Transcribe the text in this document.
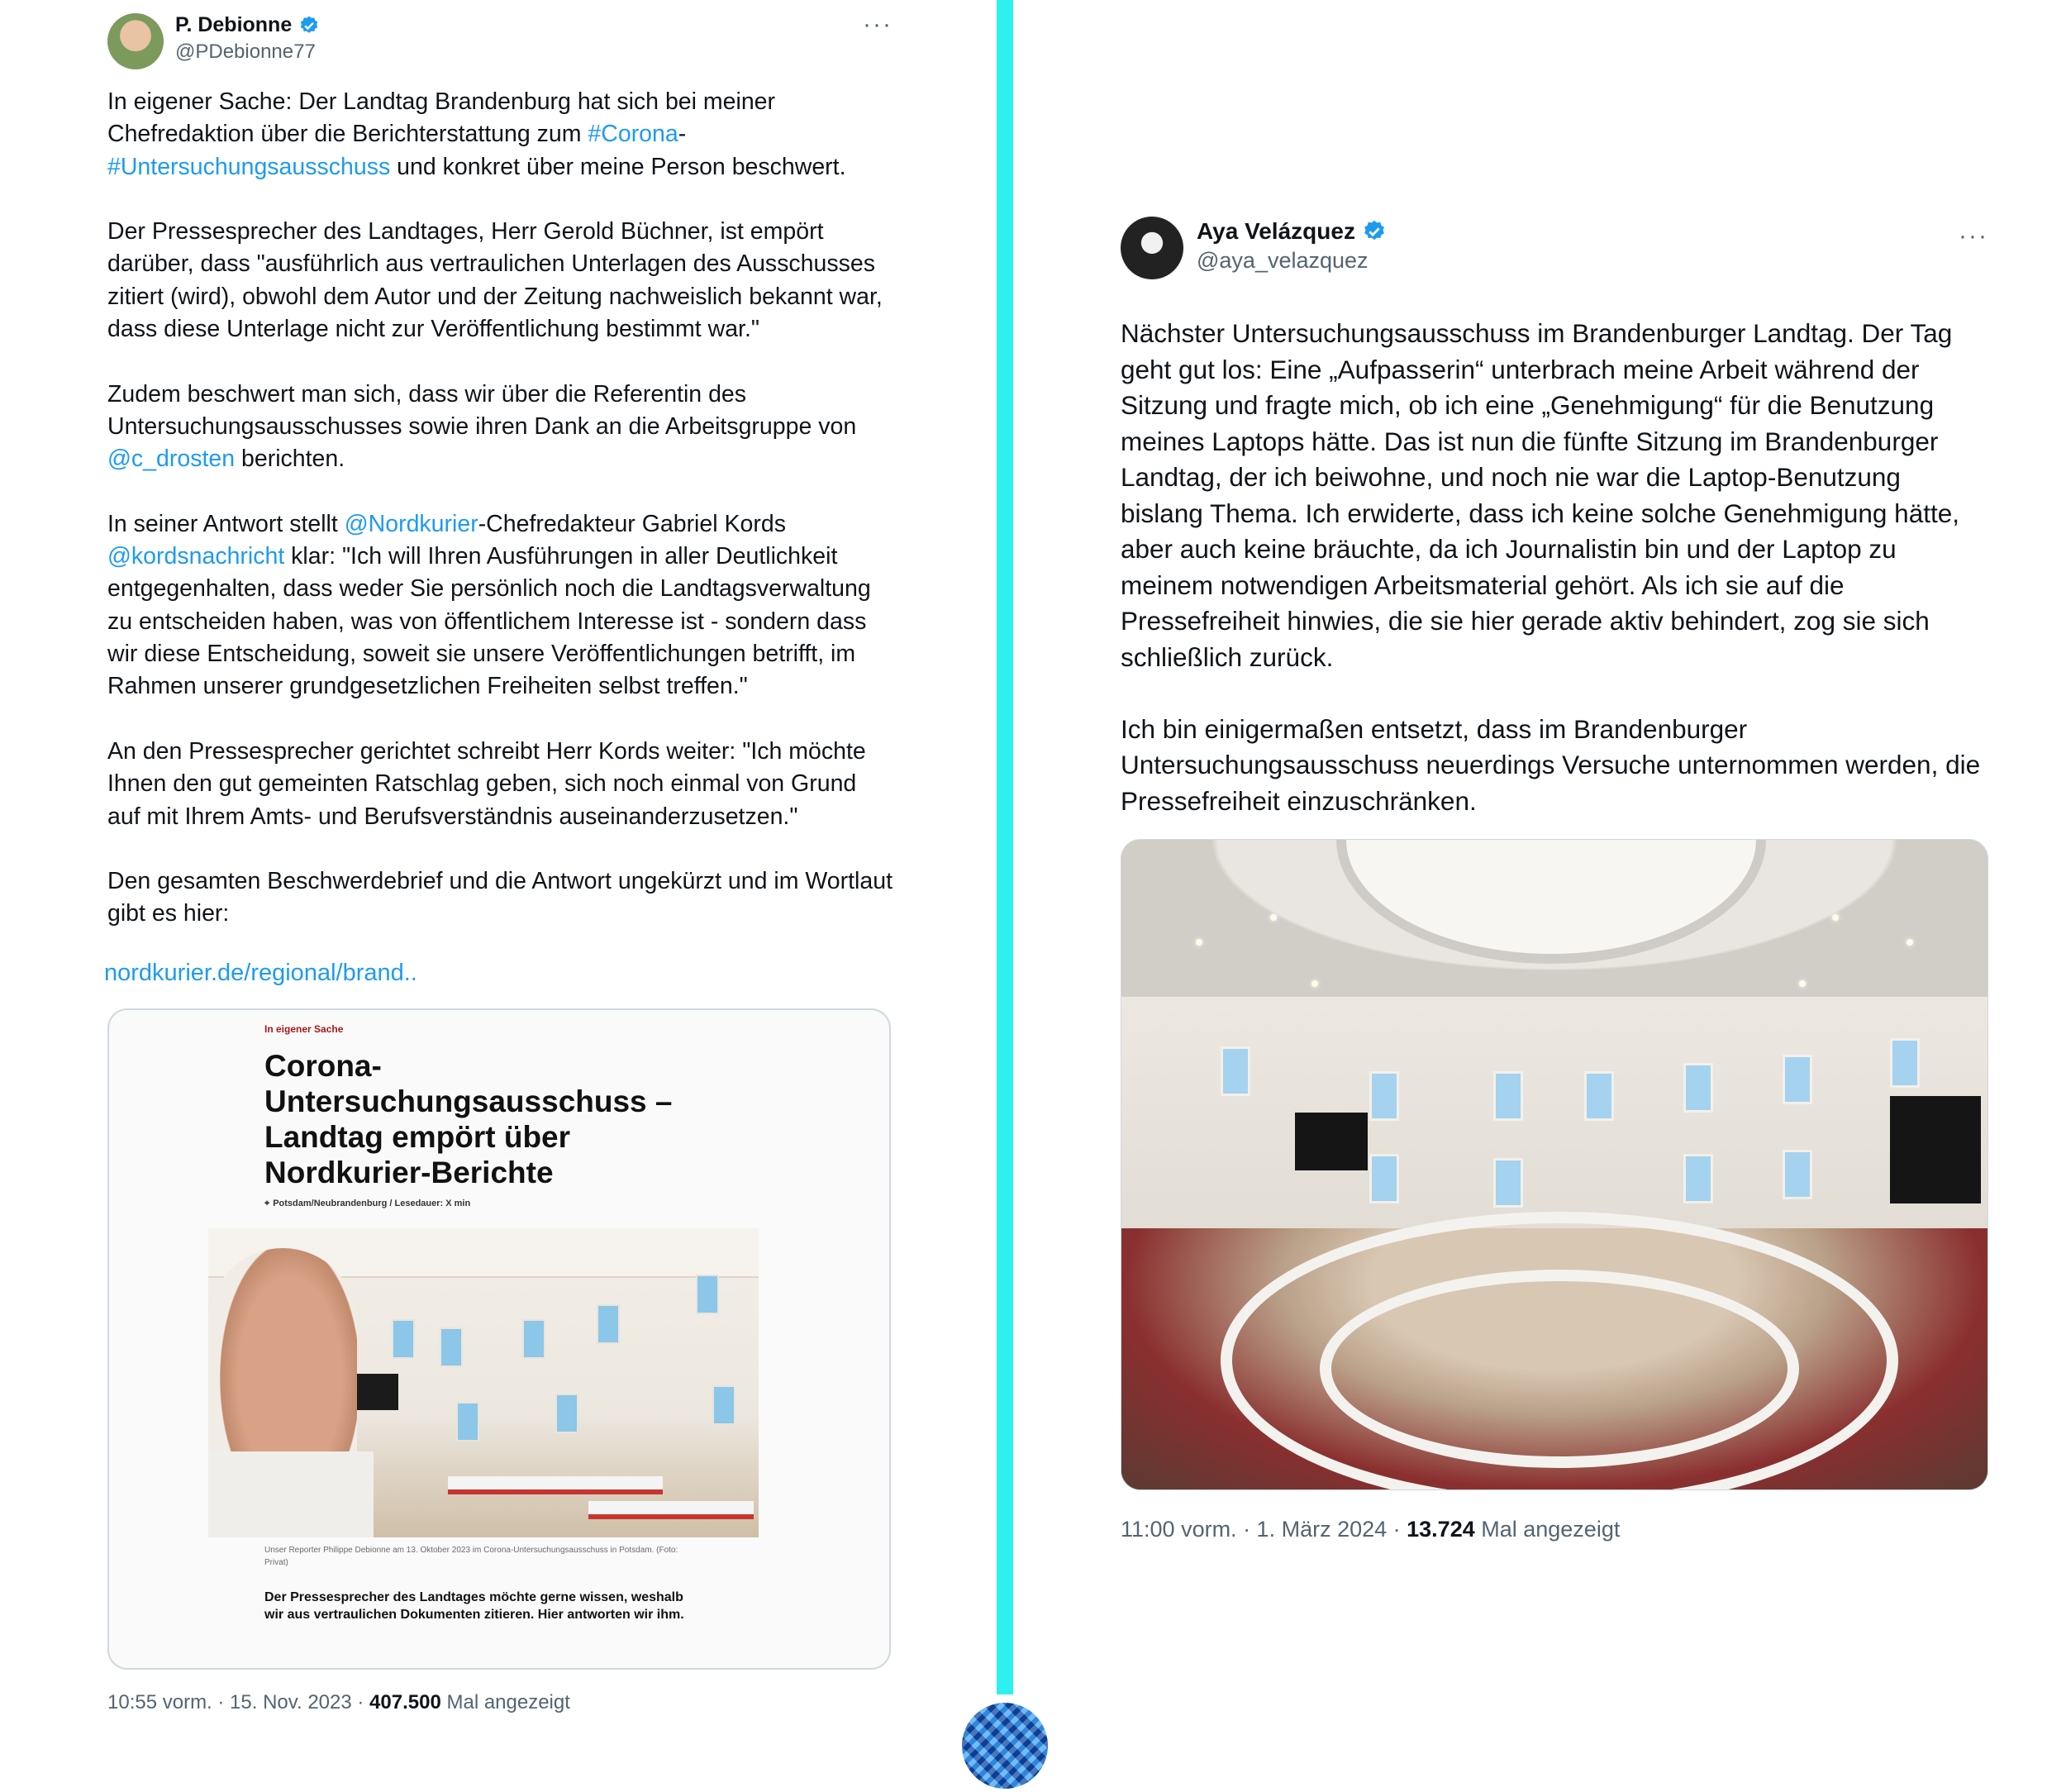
P. Debionne
@PDebionne77
···

In eigener Sache: Der Landtag Brandenburg hat sich bei meiner Chefredaktion über die Berichterstattung zum #Corona-#Untersuchungsausschuss und konkret über meine Person beschwert.

Der Pressesprecher des Landtages, Herr Gerold Büchner, ist empört darüber, dass "ausführlich aus vertraulichen Unterlagen des Ausschusses zitiert (wird), obwohl dem Autor und der Zeitung nachweislich bekannt war, dass diese Unterlage nicht zur Veröffentlichung bestimmt war."

Zudem beschwert man sich, dass wir über die Referentin des Untersuchungsausschusses sowie ihren Dank an die Arbeitsgruppe von @c_drosten berichten.

In seiner Antwort stellt @Nordkurier-Chefredakteur Gabriel Kords @kordsnachricht klar: "Ich will Ihren Ausführungen in aller Deutlichkeit entgegenhalten, dass weder Sie persönlich noch die Landtagsverwaltung zu entscheiden haben, was von öffentlichem Interesse ist - sondern dass wir diese Entscheidung, soweit sie unsere Veröffentlichungen betrifft, im Rahmen unserer grundgesetzlichen Freiheiten selbst treffen."

An den Pressesprecher gerichtet schreibt Herr Kords weiter: "Ich möchte Ihnen den gut gemeinten Ratschlag geben, sich noch einmal von Grund auf mit Ihrem Amts- und Berufsverständnis auseinanderzusetzen."

Den gesamten Beschwerdebrief und die Antwort ungekürzt und im Wortlaut gibt es hier:

nordkurier.de/regional/brand..
In eigener Sache
Corona-Untersuchungsausschuss – Landtag empört über Nordkurier-Berichte
⌖ Potsdam/Neubrandenburg / Lesedauer: X min
Unser Reporter Philippe Debionne am 13. Oktober 2023 im Corona-Untersuchungsausschuss in Potsdam. (Foto: Privat)
Der Pressesprecher des Landtages möchte gerne wissen, weshalb wir aus vertraulichen Dokumenten zitieren. Hier antworten wir ihm.
10:55 vorm. · 15. Nov. 2023 · 407.500 Mal angezeigt
Aya Velázquez
@aya_velazquez
···

Nächster Untersuchungsausschuss im Brandenburger Landtag. Der Tag geht gut los: Eine „Aufpasserin“ unterbrach meine Arbeit während der Sitzung und fragte mich, ob ich eine „Genehmigung“ für die Benutzung meines Laptops hätte. Das ist nun die fünfte Sitzung im Brandenburger Landtag, der ich beiwohne, und noch nie war die Laptop-Benutzung bislang Thema. Ich erwiderte, dass ich keine solche Genehmigung hätte, aber auch keine bräuchte, da ich Journalistin bin und der Laptop zu meinem notwendigen Arbeitsmaterial gehört. Als ich sie auf die Pressefreiheit hinwies, die sie hier gerade aktiv behindert, zog sie sich schließlich zurück.

Ich bin einigermaßen entsetzt, dass im Brandenburger Untersuchungsausschuss neuerdings Versuche unternommen werden, die Pressefreiheit einzuschränken.

11:00 vorm. · 1. März 2024 · 13.724 Mal angezeigt
